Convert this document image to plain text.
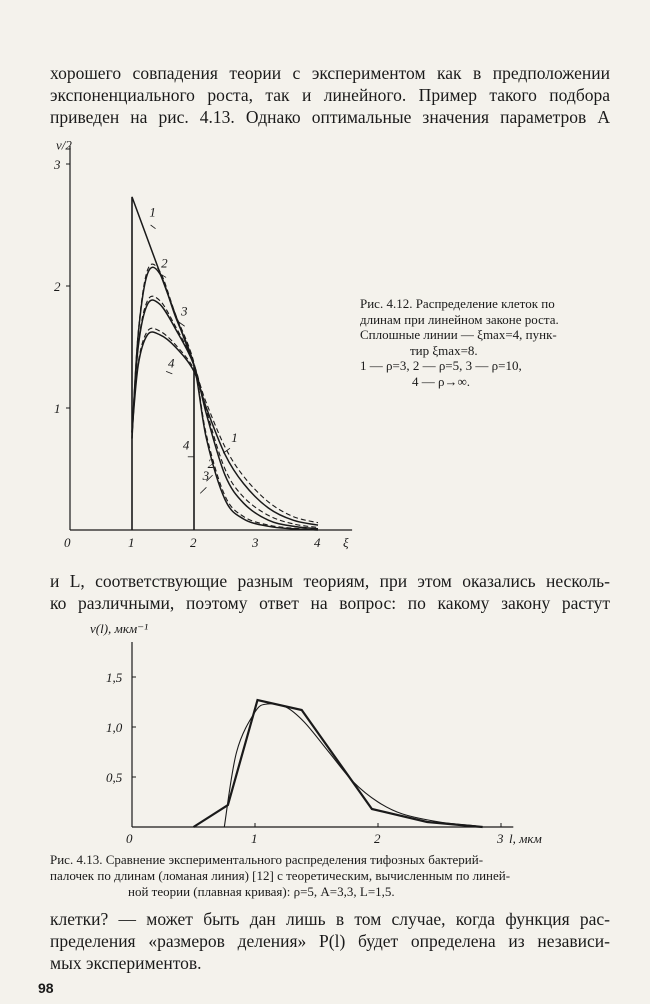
хорошего совпадения теории с экспериментом как в предположении
экспоненциального роста, так и линейного. Пример такого подбора
приведен на рис. 4.13. Однако оптимальные значения параметров A
0	1	2	3	4 ξ
1
2
3
ν/2
1
2
3
4
1
2
3
4
Рис. 4.12. Распределение клеток по
длинам при линейном законе роста.
Сплошные линии — ξmax=4, пунк-
тир ξmax=8.
1 — ρ=3, 2 — ρ=5, 3 — ρ=10,
4 — ρ→∞.
и L, соответствующие разным теориям, при этом оказались несколь-
ко различными, поэтому ответ на вопрос: по какому закону растут
0	1	2	3 l, мкм
0,5
1,0
1,5
ν(l), мкм⁻¹
Рис. 4.13. Сравнение экспериментального распределения тифозных бактерий-
палочек по длинам (ломаная линия) [12] с теоретическим, вычисленным по линей-
ной теории (плавная кривая): ρ=5, A=3,3, L=1,5.
клетки? — может быть дан лишь в том случае, когда функция рас-
пределения «размеров деления» P(l) будет определена из независи-
мых экспериментов.
98
